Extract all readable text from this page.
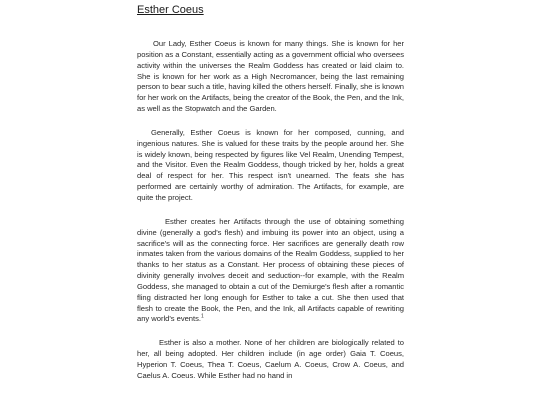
Esther Coeus

Our Lady, Esther Coeus is known for many things. She is known for her position as a Constant, essentially acting as a government official who oversees activity within the universes the Realm Goddess has created or laid claim to. She is known for her work as a High Necromancer, being the last remaining person to bear such a title, having killed the others herself. Finally, she is known for her work on the Artifacts, being the creator of the Book, the Pen, and the Ink, as well as the Stopwatch and the Garden.

Generally, Esther Coeus is known for her composed, cunning, and ingenious natures. She is valued for these traits by the people around her. She is widely known, being respected by figures like Vel Realm, Unending Tempest, and the Visitor. Even the Realm Goddess, though tricked by her, holds a great deal of respect for her. This respect isn't unearned. The feats she has performed are certainly worthy of admiration. The Artifacts, for example, are quite the project.

Esther creates her Artifacts through the use of obtaining something divine (generally a god's flesh) and imbuing its power into an object, using a sacrifice's will as the connecting force. Her sacrifices are generally death row inmates taken from the various domains of the Realm Goddess, supplied to her thanks to her status as a Constant. Her process of obtaining these pieces of divinity generally involves deceit and seduction--for example, with the Realm Goddess, she managed to obtain a cut of the Demiurge's flesh after a romantic fling distracted her long enough for Esther to take a cut. She then used that flesh to create the Book, the Pen, and the Ink, all Artifacts capable of rewriting any world's events.$^1$

Esther is also a mother. None of her children are biologically related to her, all being adopted. Her children include (in age order) Gaia T. Coeus, Hyperion T. Coeus, Thea T. Coeus, Caelum A. Coeus, Crow A. Coeus, and Caelus A. Coeus. While Esther had no hand in
